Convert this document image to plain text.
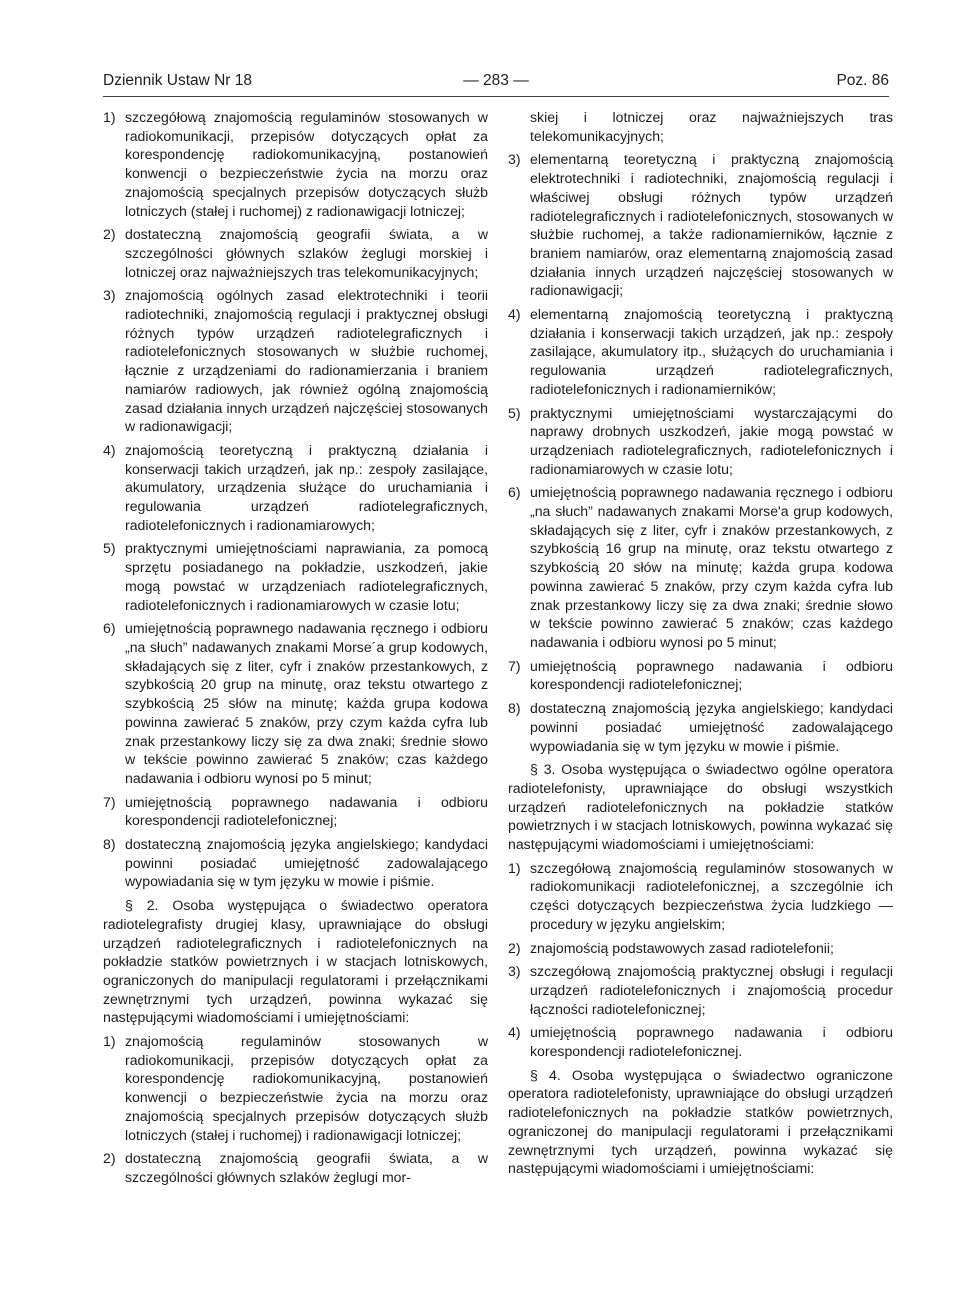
Dziennik Ustaw Nr 18	— 283 —	Poz. 86
1) szczegółową znajomością regulaminów stosowanych w radiokomunikacji, przepisów dotyczących opłat za korespondencję radiokomunikacyjną, postanowień konwencji o bezpieczeństwie życia na morzu oraz znajomością specjalnych przepisów dotyczących służb lotniczych (stałej i ruchomej) z radionawigacji lotniczej;
2) dostateczną znajomością geografii świata, a w szczególności głównych szlaków żeglugi morskiej i lotniczej oraz najważniejszych tras telekomunikacyjnych;
3) znajomością ogólnych zasad elektrotechniki i teorii radiotechniki, znajomością regulacji i praktycznej obsługi różnych typów urządzeń radiotelegraficznych i radiotelefonicznych stosowanych w służbie ruchomej, łącznie z urządzeniami do radionamierzania i braniem namiarów radiowych, jak również ogólną znajomością zasad działania innych urządzeń najczęściej stosowanych w radionawigacji;
4) znajomością teoretyczną i praktyczną działania i konserwacji takich urządzeń, jak np.: zespoły zasilające, akumulatory, urządzenia służące do uruchamiania i regulowania urządzeń radiotelegraficznych, radiotelefonicznych i radionamiarowych;
5) praktycznymi umiejętnościami naprawiania, za pomocą sprzętu posiadanego na pokładzie, uszkodzeń, jakie mogą powstać w urządzeniach radiotelegraficznych, radiotelefonicznych i radionamiarowych w czasie lotu;
6) umiejętnością poprawnego nadawania ręcznego i odbioru „na słuch” nadawanych znakami Morse´a grup kodowych, składających się z liter, cyfr i znaków przestankowych, z szybkością 20 grup na minutę, oraz tekstu otwartego z szybkością 25 słów na minutę; każda grupa kodowa powinna zawierać 5 znaków, przy czym każda cyfra lub znak przestankowy liczy się za dwa znaki; średnie słowo w tekście powinno zawierać 5 znaków; czas każdego nadawania i odbioru wynosi po 5 minut;
7) umiejętnością poprawnego nadawania i odbioru korespondencji radiotelefonicznej;
8) dostateczną znajomością języka angielskiego; kandydaci powinni posiadać umiejętność zadowalającego wypowiadania się w tym języku w mowie i piśmie.

§ 2. Osoba występująca o świadectwo operatora radiotelegrafisty drugiej klasy, uprawniające do obsługi urządzeń radiotelegraficznych i radiotelefonicznych na pokładzie statków powietrznych i w stacjach lotniskowych, ograniczonych do manipulacji regulatorami i przełącznikami zewnętrznymi tych urządzeń, powinna wykazać się następującymi wiadomościami i umiejętnościami:

1) znajomością regulaminów stosowanych w radiokomunikacji, przepisów dotyczących opłat za korespondencję radiokomunikacyjną, postanowień konwencji o bezpieczeństwie życia na morzu oraz znajomością specjalnych przepisów dotyczących służb lotniczych (stałej i ruchomej) i radionawigacji lotniczej;
2) dostateczną znajomością geografii świata, a w szczególności głównych szlaków żeglugi mor-

skiej i lotniczej oraz najważniejszych tras telekomunikacyjnych;

3) elementarną teoretyczną i praktyczną znajomością elektrotechniki i radiotechniki, znajomością regulacji i właściwej obsługi różnych typów urządzeń radiotelegraficznych i radiotelefonicznych, stosowanych w służbie ruchomej, a także radionamierników, łącznie z braniem namiarów, oraz elementarną znajomością zasad działania innych urządzeń najczęściej stosowanych w radionawigacji;
4) elementarną znajomością teoretyczną i praktyczną działania i konserwacji takich urządzeń, jak np.: zespoły zasilające, akumulatory itp., służących do uruchamiania i regulowania urządzeń radiotelegraficznych, radiotelefonicznych i radionamierników;
5) praktycznymi umiejętnościami wystarczającymi do naprawy drobnych uszkodzeń, jakie mogą powstać w urządzeniach radiotelegraficznych, radiotelefonicznych i radionamiarowych w czasie lotu;
6) umiejętnością poprawnego nadawania ręcznego i odbioru „na słuch” nadawanych znakami Morse'a grup kodowych, składających się z liter, cyfr i znaków przestankowych, z szybkością 16 grup na minutę, oraz tekstu otwartego z szybkością 20 słów na minutę; każda grupa kodowa powinna zawierać 5 znaków, przy czym każda cyfra lub znak przestankowy liczy się za dwa znaki; średnie słowo w tekście powinno zawierać 5 znaków; czas każdego nadawania i odbioru wynosi po 5 minut;
7) umiejętnością poprawnego nadawania i odbioru korespondencji radiotelefonicznej;
8) dostateczną znajomością języka angielskiego; kandydaci powinni posiadać umiejętność zadowalającego wypowiadania się w tym języku w mowie i piśmie.

§ 3. Osoba występująca o świadectwo ogólne operatora radiotelefonisty, uprawniające do obsługi wszystkich urządzeń radiotelefonicznych na pokładzie statków powietrznych i w stacjach lotniskowych, powinna wykazać się następującymi wiadomościami i umiejętnościami:

1) szczegółową znajomością regulaminów stosowanych w radiokomunikacji radiotelefonicznej, a szczególnie ich części dotyczących bezpieczeństwa życia ludzkiego — procedury w języku angielskim;
2) znajomością podstawowych zasad radiotelefonii;
3) szczegółową znajomością praktycznej obsługi i regulacji urządzeń radiotelefonicznych i znajomością procedur łączności radiotelefonicznej;
4) umiejętnością poprawnego nadawania i odbioru korespondencji radiotelefonicznej.

§ 4. Osoba występująca o świadectwo ograniczone operatora radiotelefonisty, uprawniające do obsługi urządzeń radiotelefonicznych na pokładzie statków powietrznych, ograniczonej do manipulacji regulatorami i przełącznikami zewnętrznymi tych urządzeń, powinna wykazać się następującymi wiadomościami i umiejętnościami:
